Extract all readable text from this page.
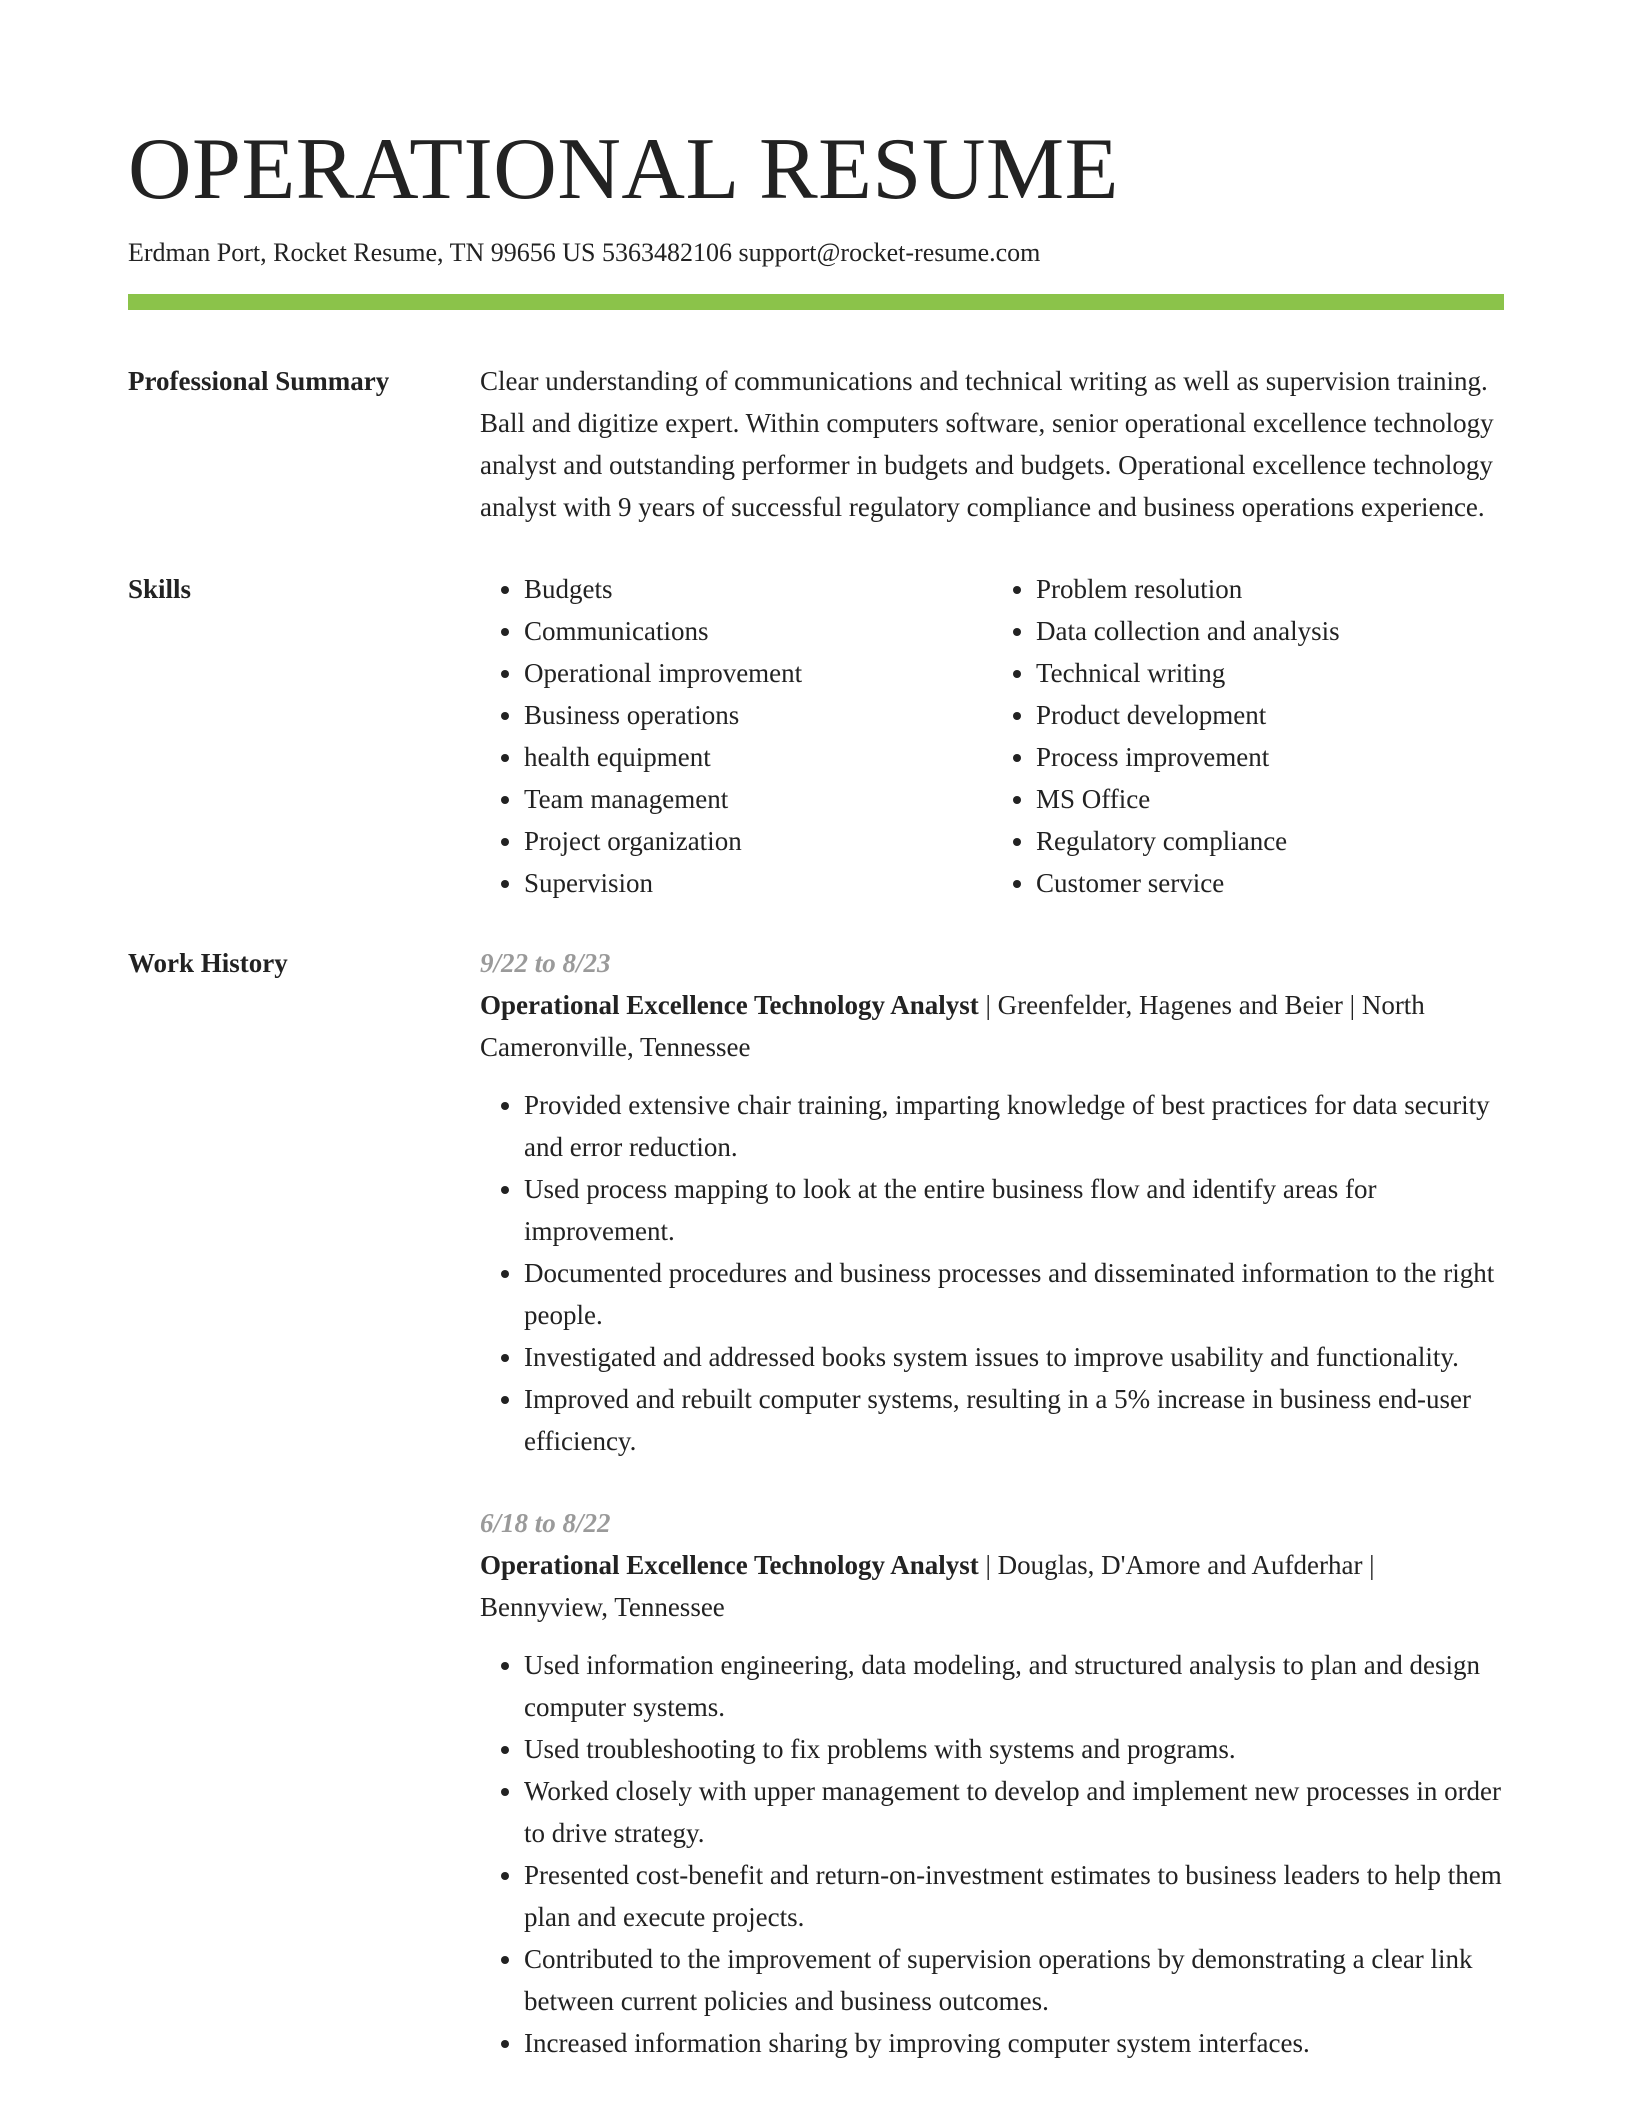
OPERATIONAL RESUME
Erdman Port, Rocket Resume, TN 99656 US 5363482106 support@rocket-resume.com
Professional Summary	Clear understanding of communications and technical writing as well as supervision training. Ball and digitize expert. Within computers software, senior operational excellence technology analyst and outstanding performer in budgets and budgets. Operational excellence technology analyst with 9 years of successful regulatory compliance and business operations experience.
Skills
•	Budgets
• Communications
• Operational improvement
• Business operations
• health equipment
• Team management
• Project organization
• Supervision
• Problem resolution
• Data collection and analysis
• Technical writing
• Product development
• Process improvement
• MS Office
• Regulatory compliance
• Customer service
Work History	9/22 to 8/23
Operational Excellence Technology Analyst | Greenfelder, Hagenes and Beier | North Cameronville, Tennessee
• Provided extensive chair training, imparting knowledge of best practices for data security and error reduction.
• Used process mapping to look at the entire business flow and identify areas for improvement.
• Documented procedures and business processes and disseminated information to the right people.
• Investigated and addressed books system issues to improve usability and functionality.
• Improved and rebuilt computer systems, resulting in a 5% increase in business end-user efficiency.
6/18 to 8/22
Operational Excellence Technology Analyst | Douglas, D'Amore and Aufderhar | Bennyview, Tennessee
• Used information engineering, data modeling, and structured analysis to plan and design computer systems.
• Used troubleshooting to fix problems with systems and programs.
• Worked closely with upper management to develop and implement new processes in order to drive strategy.
• Presented cost-benefit and return-on-investment estimates to business leaders to help them plan and execute projects.
• Contributed to the improvement of supervision operations by demonstrating a clear link between current policies and business outcomes.
• Increased information sharing by improving computer system interfaces.
